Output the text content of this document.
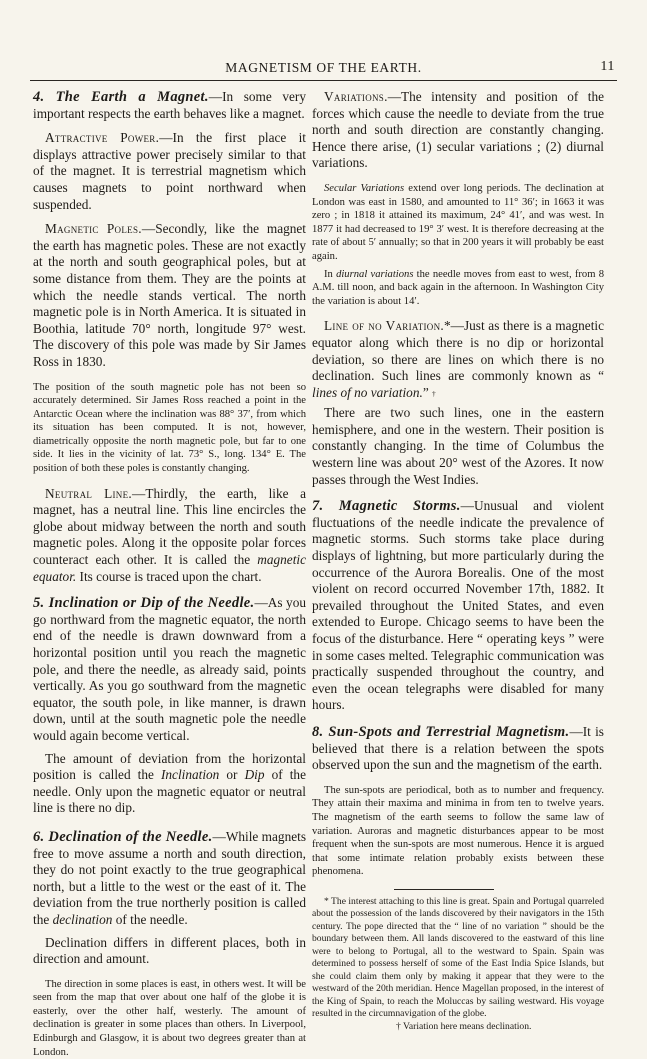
MAGNETISM OF THE EARTH.	11

4. The Earth a Magnet.—In some very important respects the earth behaves like a magnet.

Attractive Power.—In the first place it displays attractive power precisely similar to that of the magnet. It is terrestrial magnetism which causes magnets to point northward when suspended.

Magnetic Poles.—Secondly, like the magnet the earth has magnetic poles. These are not exactly at the north and south geographical poles, but at some distance from them. They are the points at which the needle stands vertical. The north magnetic pole is in North America. It is situated in Boothia, latitude 70° north, longitude 97° west. The discovery of this pole was made by Sir James Ross in 1830.

The position of the south magnetic pole has not been so accurately determined. Sir James Ross reached a point in the Antarctic Ocean where the inclination was 88° 37′, from which its situation has been computed. It is not, however, diametrically opposite the north magnetic pole, but far to one side. It lies in the vicinity of lat. 73° S., long. 134° E. The position of both these poles is constantly changing.

Neutral Line.—Thirdly, the earth, like a magnet, has a neutral line. This line encircles the globe about midway between the north and south magnetic poles. Along it the opposite polar forces counteract each other. It is called the magnetic equator. Its course is traced upon the chart.

5. Inclination or Dip of the Needle.—As you go northward from the magnetic equator, the north end of the needle is drawn downward from a horizontal position until you reach the magnetic pole, and there the needle, as already said, points vertically. As you go southward from the magnetic equator, the south pole, in like manner, is drawn down, until at the south magnetic pole the needle would again become vertical.

The amount of deviation from the horizontal position is called the Inclination or Dip of the needle. Only upon the magnetic equator or neutral line is there no dip.

6. Declination of the Needle.—While magnets free to move assume a north and south direction, they do not point exactly to the true geographical north, but a little to the west or the east of it. The deviation from the true northerly position is called the declination of the needle.

Declination differs in different places, both in direction and amount.

The direction in some places is east, in others west. It will be seen from the map that over about one half of the globe it is easterly, over the other half, westerly. The amount of declination is greater in some places than others. In Liverpool, Edinburgh and Glasgow, it is about two degrees greater than at London.

Variations.—The intensity and position of the forces which cause the needle to deviate from the true north and south direction are constantly changing. Hence there arise, (1) secular variations ; (2) diurnal variations.

Secular Variations extend over long periods. The declination at London was east in 1580, and amounted to 11° 36′; in 1663 it was zero ; in 1818 it attained its maximum, 24° 41′, and was west. In 1877 it had decreased to 19° 3′ west. It is therefore decreasing at the rate of about 5′ annually; so that in 200 years it will probably be east again.

In diurnal variations the needle moves from east to west, from 8 A.M. till noon, and back again in the afternoon. In Washington City the variation is about 14′.

Line of no Variation.*—Just as there is a magnetic equator along which there is no dip or horizontal deviation, so there are lines on which there is no declination. Such lines are commonly known as “ lines of no variation.” †

There are two such lines, one in the eastern hemisphere, and one in the western. Their position is constantly changing. In the time of Columbus the western line was about 20° west of the Azores. It now passes through the West Indies.

7. Magnetic Storms.—Unusual and violent fluctuations of the needle indicate the prevalence of magnetic storms. Such storms take place during displays of lightning, but more particularly during the occurrence of the Aurora Borealis. One of the most violent on record occurred November 17th, 1882. It prevailed throughout the United States, and even extended to Europe. Chicago seems to have been the focus of the disturbance. Here “ operating keys ” were in some cases melted. Telegraphic communication was practically suspended throughout the country, and even the ocean telegraphs were disabled for many hours.

8. Sun-Spots and Terrestrial Magnetism.—It is believed that there is a relation between the spots observed upon the sun and the magnetism of the earth.

The sun-spots are periodical, both as to number and frequency. They attain their maxima and minima in from ten to twelve years. The magnetism of the earth seems to follow the same law of variation. Auroras and magnetic disturbances appear to be most frequent when the sun-spots are most numerous. Hence it is argued that some intimate relation probably exists between these phenomena.

* The interest attaching to this line is great. Spain and Portugal quarreled about the possession of the lands discovered by their navigators in the 15th century. The pope directed that the “ line of no variation ” should be the boundary between them. All lands discovered to the eastward of this line were to belong to Portugal, all to the westward to Spain. Spain was determined to possess herself of some of the East India Spice Islands, but she could claim them only by making it appear that they were to the westward of the 20th meridian. Hence Magellan proposed, in the interest of the King of Spain, to reach the Moluccas by sailing westward. His voyage resulted in the circumnavigation of the globe.

† Variation here means declination.
